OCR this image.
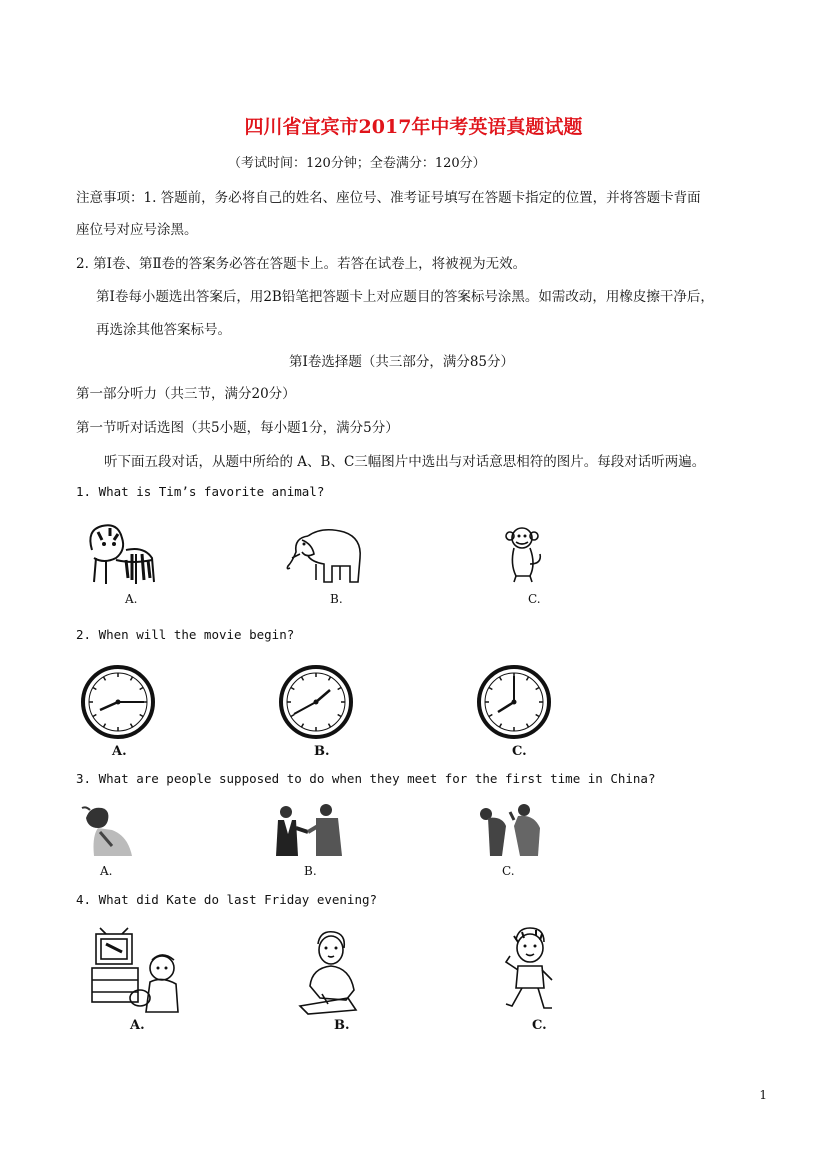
四川省宜宾市2017年中考英语真题试题
（考试时间：120分钟；全卷满分：120分）
注意事项：1. 答题前，务必将自己的姓名、座位号、准考证号填写在答题卡指定的位置，并将答题卡背面
座位号对应号涂黑。
2. 第Ⅰ卷、第Ⅱ卷的答案务必答在答题卡上。若答在试卷上，将被视为无效。
第Ⅰ卷每小题选出答案后，用2B铅笔把答题卡上对应题目的答案标号涂黑。如需改动，用橡皮擦干净后，
再选涂其他答案标号。
第Ⅰ卷选择题（共三部分，满分85分）
第一部分听力（共三节，满分20分）
第一节听对话选图（共5小题，每小题1分，满分5分）
听下面五段对话，从题中所给的 A、B、C三幅图片中选出与对话意思相符的图片。每段对话听两遍。
1. What is Tim’s favorite animal?
A.	B.	C.
2. When will the movie begin?
A.	B.	C.
3. What are people supposed to do when they meet for the first time in China?
A.	B.	C.
4. What did Kate do last Friday evening?
A.	B.	C.
1
